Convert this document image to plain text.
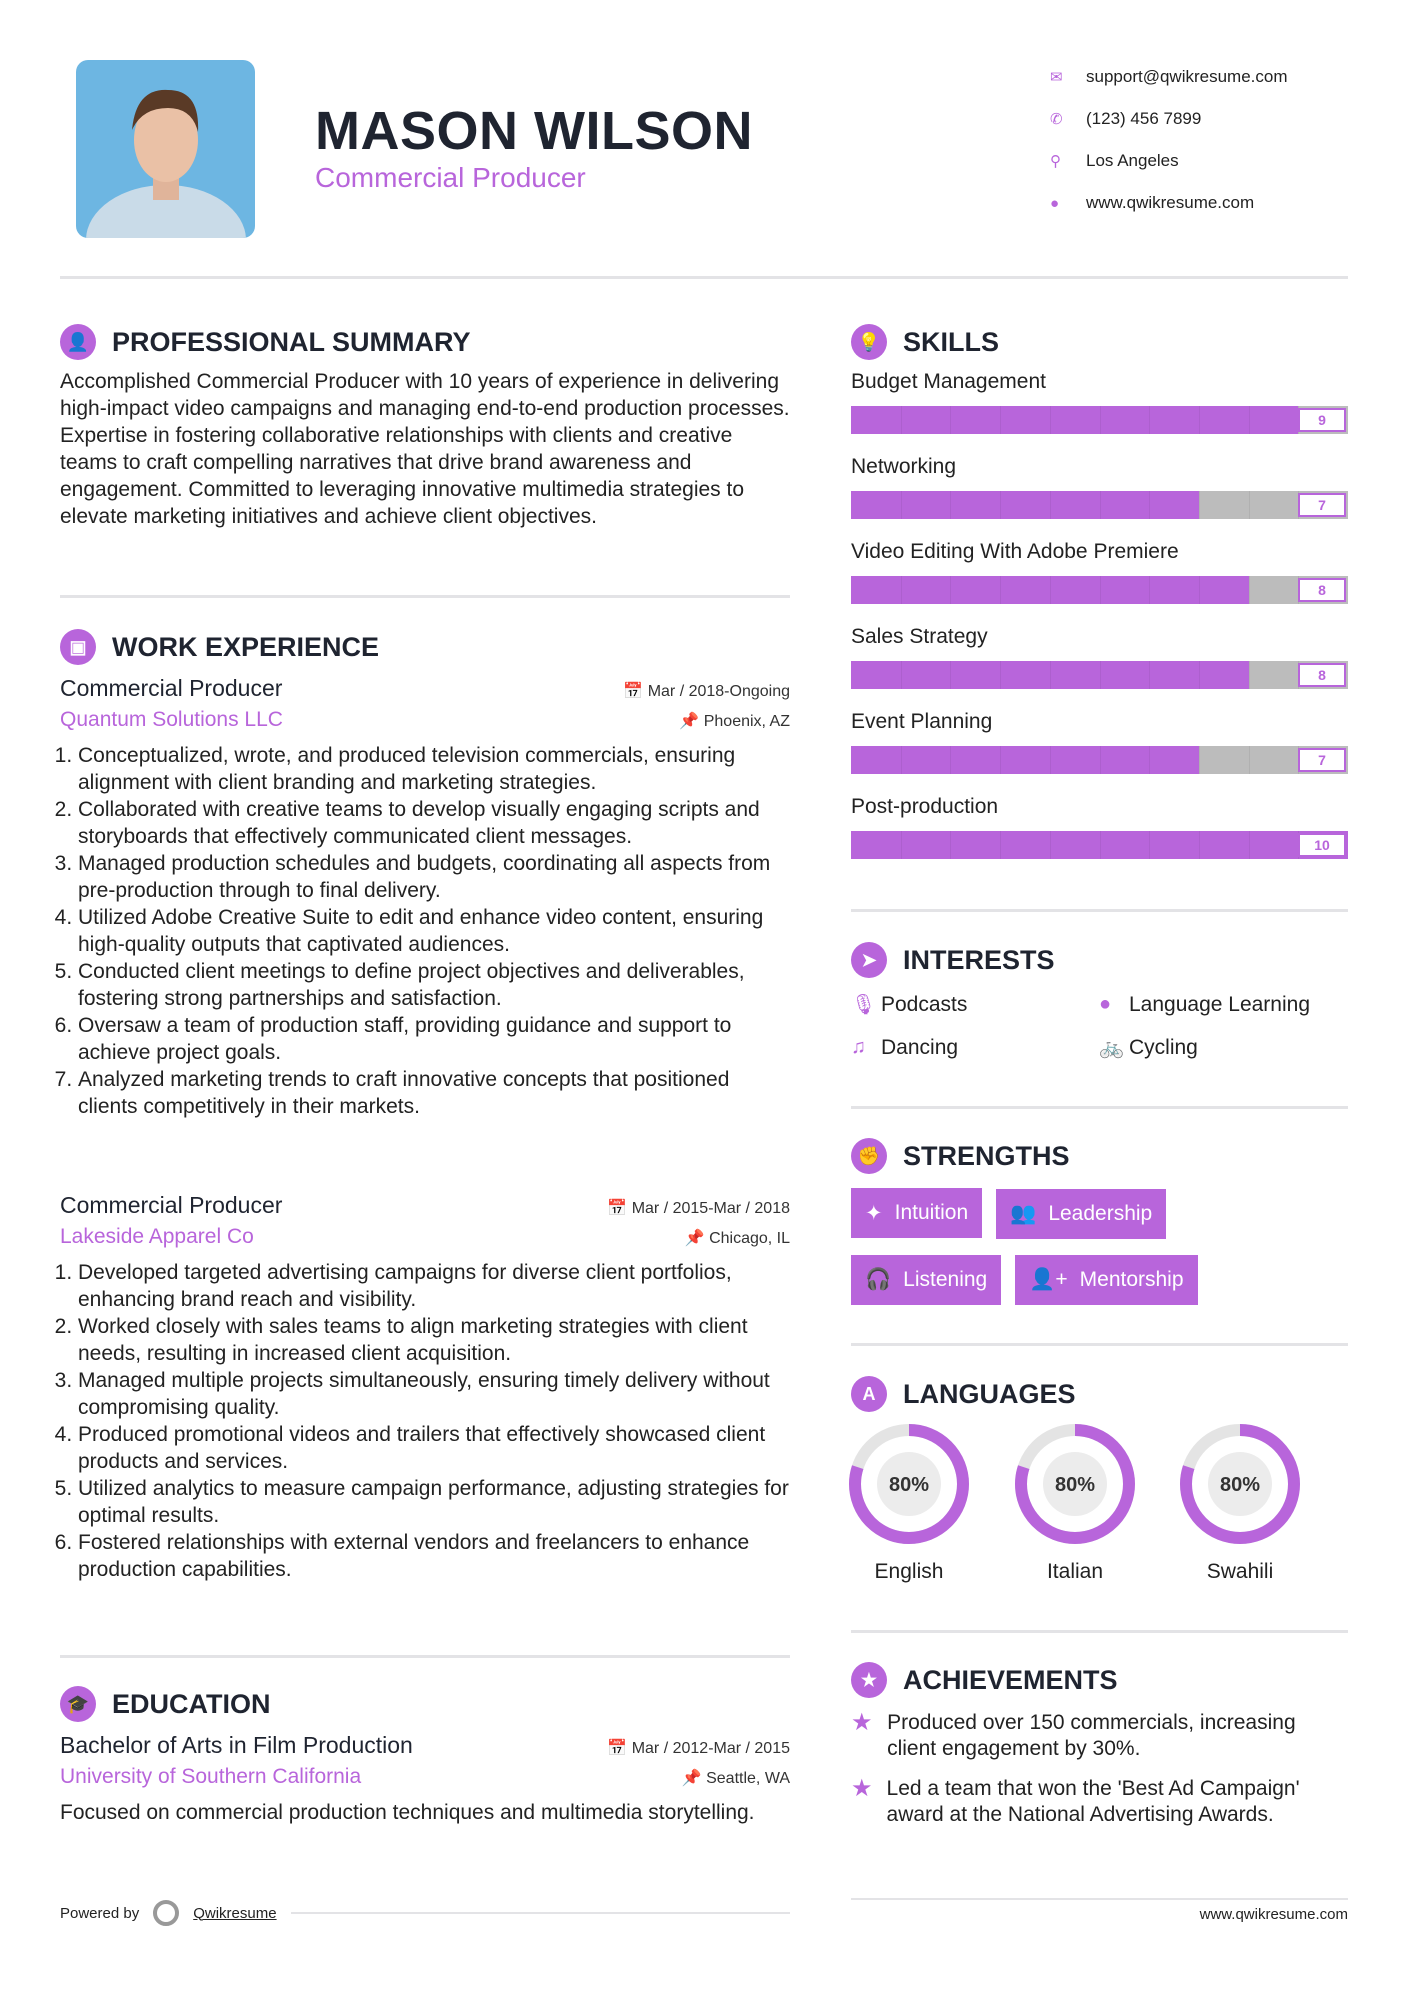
MASON WILSON
Commercial Producer
✉	support@qwikresume.com
✆	(123) 456 7899
⚲	Los Angeles
●	www.qwikresume.com
👤 PROFESSIONAL SUMMARY

Accomplished Commercial Producer with 10 years of experience in delivering high-impact video campaigns and managing end-to-end production processes. Expertise in fostering collaborative relationships with clients and creative teams to craft compelling narratives that drive brand awareness and engagement. Committed to leveraging innovative multimedia strategies to elevate marketing initiatives and achieve client objectives.

▣ WORK EXPERIENCE
Commercial Producer	📅 Mar / 2018-Ongoing
Quantum Solutions LLC	📌 Phoenix, AZ
1. Conceptualized, wrote, and produced television commercials, ensuring alignment with client branding and marketing strategies.
2. Collaborated with creative teams to develop visually engaging scripts and storyboards that effectively communicated client messages.
3. Managed production schedules and budgets, coordinating all aspects from pre-production through to final delivery.
4. Utilized Adobe Creative Suite to edit and enhance video content, ensuring high-quality outputs that captivated audiences.
5. Conducted client meetings to define project objectives and deliverables, fostering strong partnerships and satisfaction.
6. Oversaw a team of production staff, providing guidance and support to achieve project goals.
7. Analyzed marketing trends to craft innovative concepts that positioned clients competitively in their markets.
Commercial Producer	📅 Mar / 2015-Mar / 2018
Lakeside Apparel Co	📌 Chicago, IL
1. Developed targeted advertising campaigns for diverse client portfolios, enhancing brand reach and visibility.
2. Worked closely with sales teams to align marketing strategies with client needs, resulting in increased client acquisition.
3. Managed multiple projects simultaneously, ensuring timely delivery without compromising quality.
4. Produced promotional videos and trailers that effectively showcased client products and services.
5. Utilized analytics to measure campaign performance, adjusting strategies for optimal results.
6. Fostered relationships with external vendors and freelancers to enhance production capabilities.
🎓 EDUCATION
Bachelor of Arts in Film Production	📅 Mar / 2012-Mar / 2015
University of Southern California	📌 Seattle, WA

Focused on commercial production techniques and multimedia storytelling.

Powered by	Qwikresume
💡 SKILLS
Budget Management
9
Networking
7
Video Editing With Adobe Premiere
8
Sales Strategy
8
Event Planning
7
Post-production
10
➤ INTERESTS
🎙 Podcasts	● Language Learning
♫ Dancing	🚲 Cycling
✊ STRENGTHS
✦ Intuition 👥 Leadership
🎧 Listening 👤+ Mentorship
A	LANGUAGES
80%
English
80%
Italian
80%
Swahili
★ ACHIEVEMENTS
★ Produced over 150 commercials, increasing client engagement by 30%.
★ Led a team that won the 'Best Ad Campaign' award at the National Advertising Awards.
www.qwikresume.com
